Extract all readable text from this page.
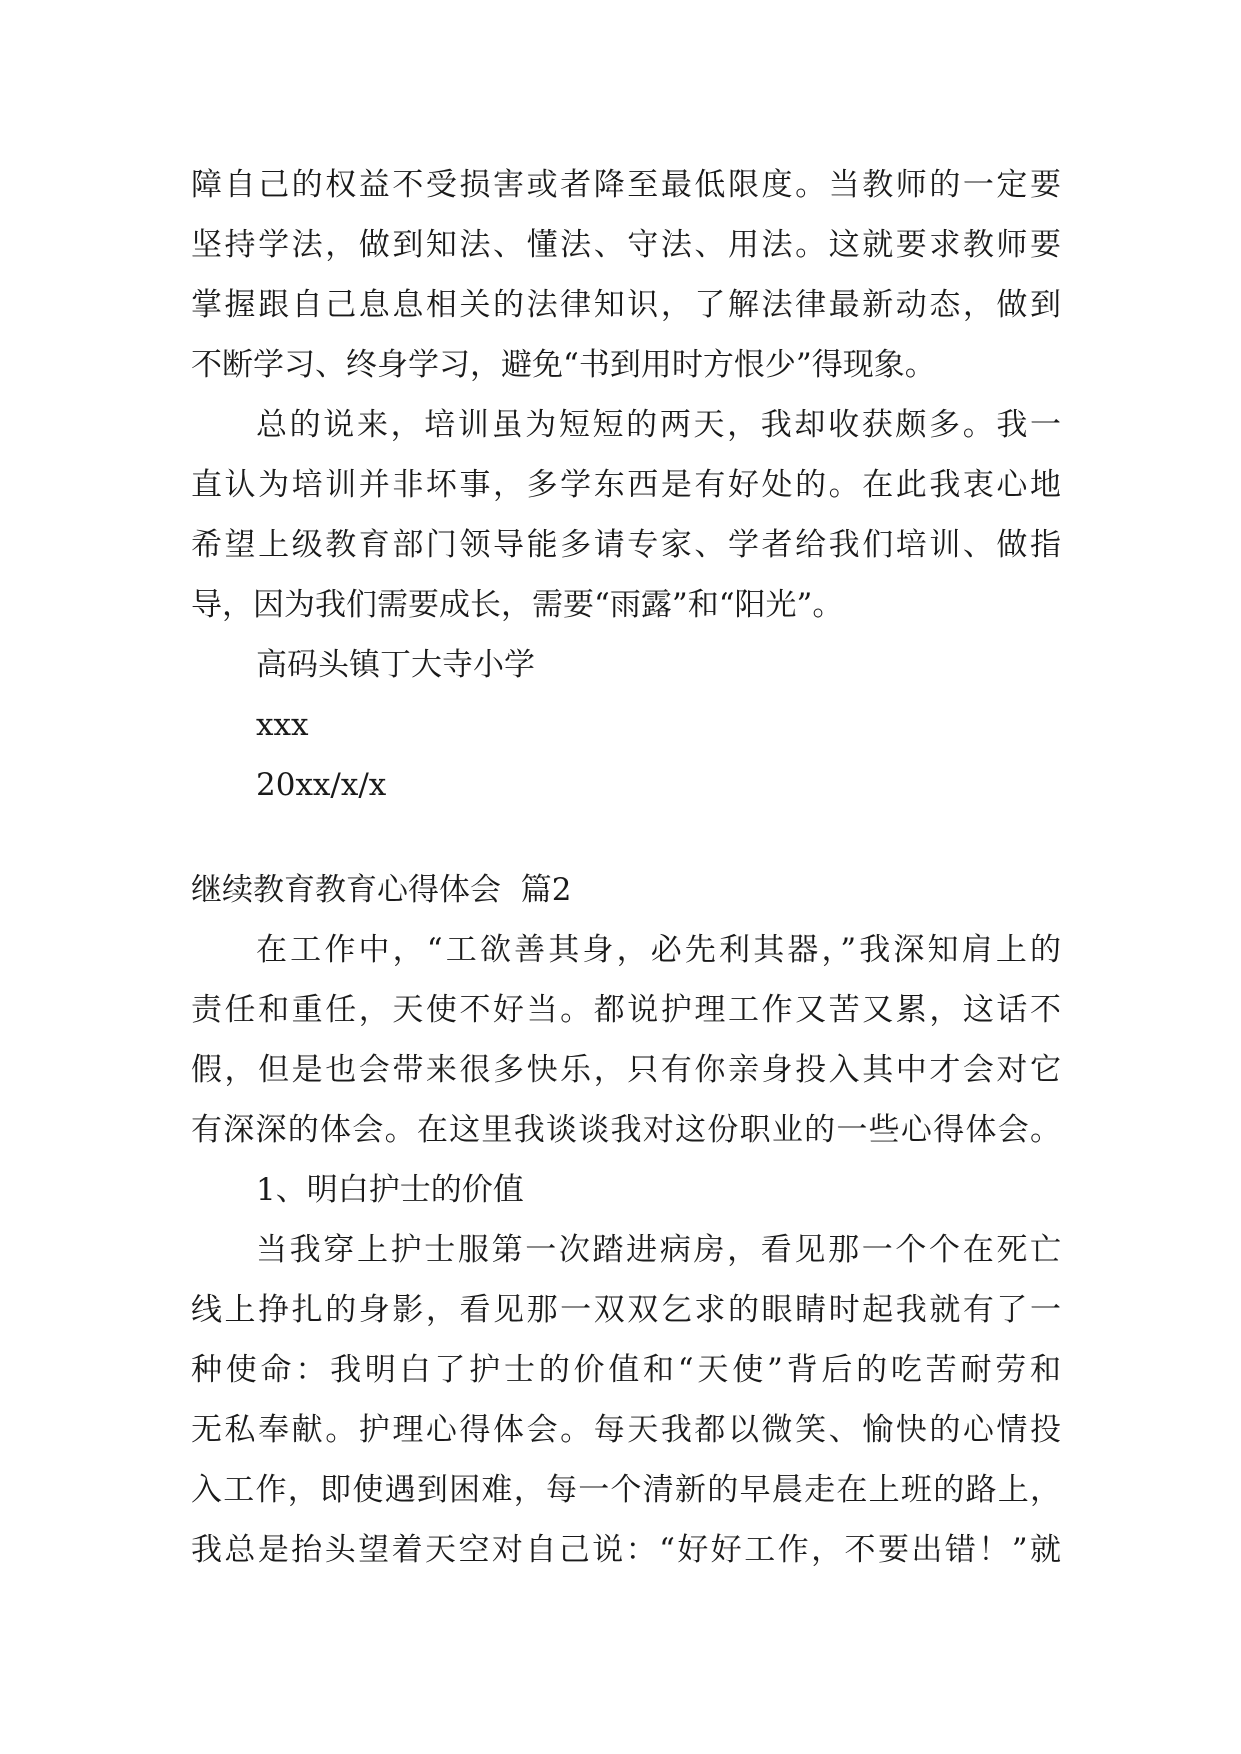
障自己的权益不受损害或者降至最低限度。当教师的一定要
坚持学法，做到知法、懂法、守法、用法。这就要求教师要
掌握跟自己息息相关的法律知识，了解法律最新动态，做到
不断学习、终身学习，避免“书到用时方恨少”得现象。
总的说来，培训虽为短短的两天，我却收获颇多。我一
直认为培训并非坏事，多学东西是有好处的。在此我衷心地
希望上级教育部门领导能多请专家、学者给我们培训、做指
导，因为我们需要成长，需要“雨露”和“阳光”。
高码头镇丁大寺小学
xxx
20xx/x/x
继续教育教育心得体会  篇2
在工作中，“工欲善其身，必先利其器，”我深知肩上的
责任和重任，天使不好当。都说护理工作又苦又累，这话不
假，但是也会带来很多快乐，只有你亲身投入其中才会对它
有深深的体会。在这里我谈谈我对这份职业的一些心得体会。
1、明白护士的价值
当我穿上护士服第一次踏进病房，看见那一个个在死亡
线上挣扎的身影，看见那一双双乞求的眼睛时起我就有了一
种使命：我明白了护士的价值和“天使”背后的吃苦耐劳和
无私奉献。护理心得体会。每天我都以微笑、愉快的心情投
入工作，即使遇到困难，每一个清新的早晨走在上班的路上，
我总是抬头望着天空对自己说：“好好工作，不要出错！”就
